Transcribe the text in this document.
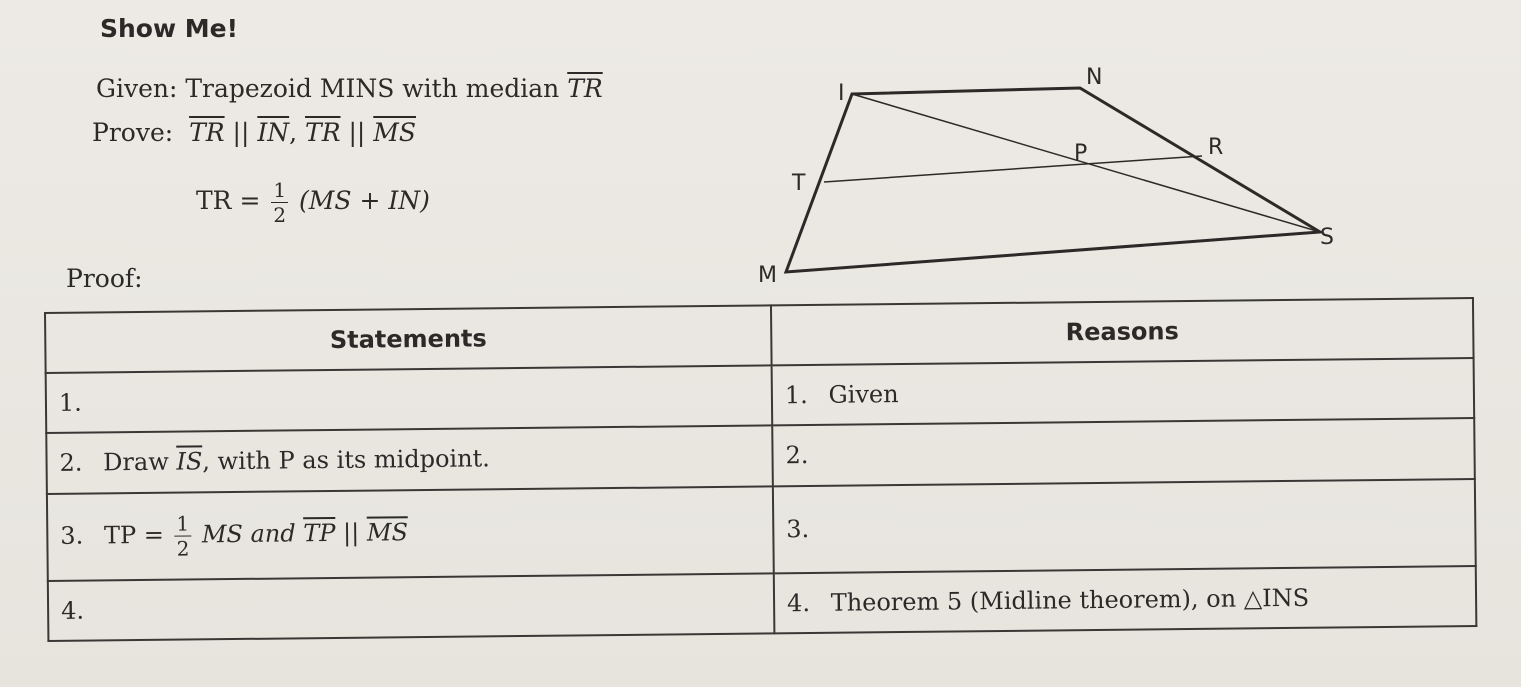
Show Me!
Given: Trapezoid MINS with median $\overline{TR}$
Prove: $\overline{TR}$ || $\overline{IN}$, $\overline{TR}$ || $\overline{MS}$
TR = $\frac{1}{2} (MS + IN)$
Proof:
I
N
P	R
T
S
M
Statements	Reasons
1.	1. Given
2. Draw $\overline{IS}$, with P as its midpoint.	2.
3. TP = $\frac{1}{2}$ MS and $\overline{TP}$ || $\overline{MS}$	3.
4.	4. Theorem 5 (Midline theorem), on △INS
